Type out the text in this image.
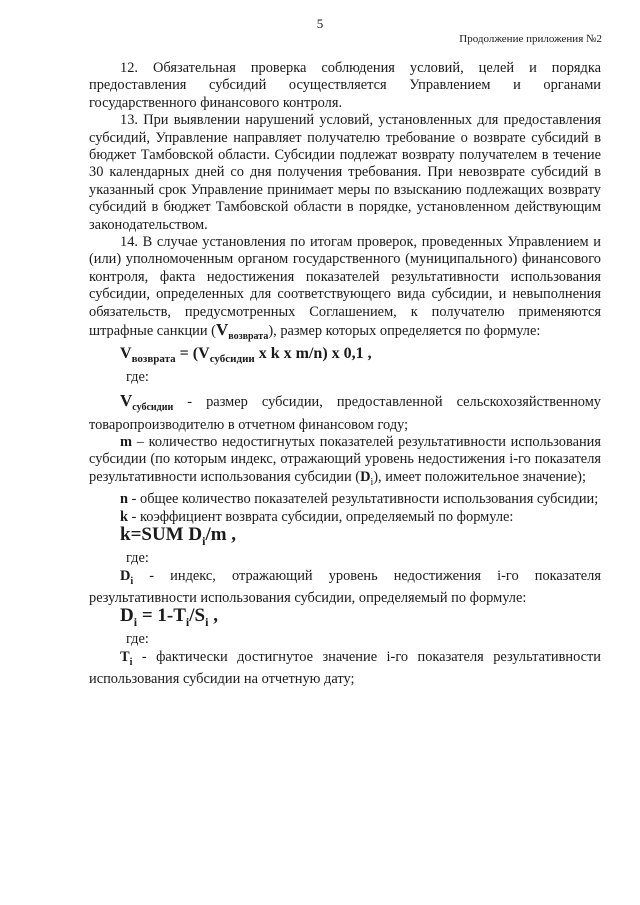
5
Продолжение приложения №2

12. Обязательная проверка соблюдения условий, целей и порядка предоставления субсидий осуществляется Управлением и органами государственного финансового контроля.

13. При выявлении нарушений условий, установленных для предоставления субсидий, Управление направляет получателю требование о возврате субсидий в бюджет Тамбовской области. Субсидии подлежат возврату получателем в течение 30 календарных дней со дня получения требования. При невозврате субсидий в указанный срок Управление принимает меры по взысканию подлежащих возврату субсидий в бюджет Тамбовской области в порядке, установленном действующим законодательством.

14. В случае установления по итогам проверок, проведенных Управлением и (или) уполномоченным органом государственного (муниципального) финансового контроля, факта недостижения показателей результативности использования субсидии, определенных для соответствующего вида субсидии, и невыполнения обязательств, предусмотренных Соглашением, к получателю применяются штрафные санкции $(V_{возврата})$, размер которых определяется по формуле:

$V_{возврата} = (V_{субсидии}$ x k x m/n) x 0,1 ,

где:

$V_{субсидии}$ - размер субсидии, предоставленной сельскохозяйственному товаропроизводителю в отчетном финансовом году;

m – количество недостигнутых показателей результативности использования субсидии (по которым индекс, отражающий уровень недостижения i-го показателя результативности использования субсидии $(D_i)$, имеет положительное значение);

n - общее количество показателей результативности использования субсидии;

k - коэффициент возврата субсидии, определяемый по формуле:

k=SUM $D_i/m$ ,

где:

$D_i$ - индекс, отражающий уровень недостижения i-го показателя результативности использования субсидии, определяемый по формуле:

$D_i = 1-T_i/S_i$ ,

где:

$T_i$ - фактически достигнутое значение i-го показателя результативности использования субсидии на отчетную дату;
